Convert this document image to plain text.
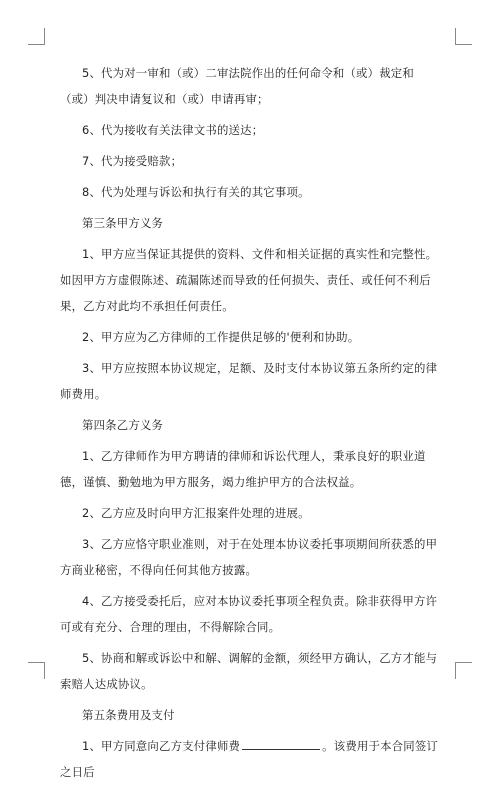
5、代为对一审和（或）二审法院作出的任何命令和（或）裁定和（或）判决申请复议和（或）申请再审；

6、代为接收有关法律文书的送达；

7、代为接受赔款；

8、代为处理与诉讼和执行有关的其它事项。

第三条甲方义务

1、甲方应当保证其提供的资料、文件和相关证据的真实性和完整性。如因甲方方虚假陈述、疏漏陈述而导致的任何损失、责任、或任何不利后果，乙方对此均不承担任何责任。

2、甲方应为乙方律师的工作提供足够的'便利和协助。

3、甲方应按照本协议规定，足额、及时支付本协议第五条所约定的律师费用。

第四条乙方义务

1、乙方律师作为甲方聘请的律师和诉讼代理人，秉承良好的职业道德，谨慎、勤勉地为甲方服务，竭力维护甲方的合法权益。

2、乙方应及时向甲方汇报案件处理的进展。

3、乙方应恪守职业准则，对于在处理本协议委托事项期间所获悉的甲方商业秘密，不得向任何其他方披露。

4、乙方接受委托后，应对本协议委托事项全程负责。除非获得甲方许可或有充分、合理的理由，不得解除合同。

5、协商和解或诉讼中和解、调解的金额，须经甲方确认，乙方才能与索赔人达成协议。

第五条费用及支付

1、甲方同意向乙方支付律师费	。该费用于本合同签订之日后
